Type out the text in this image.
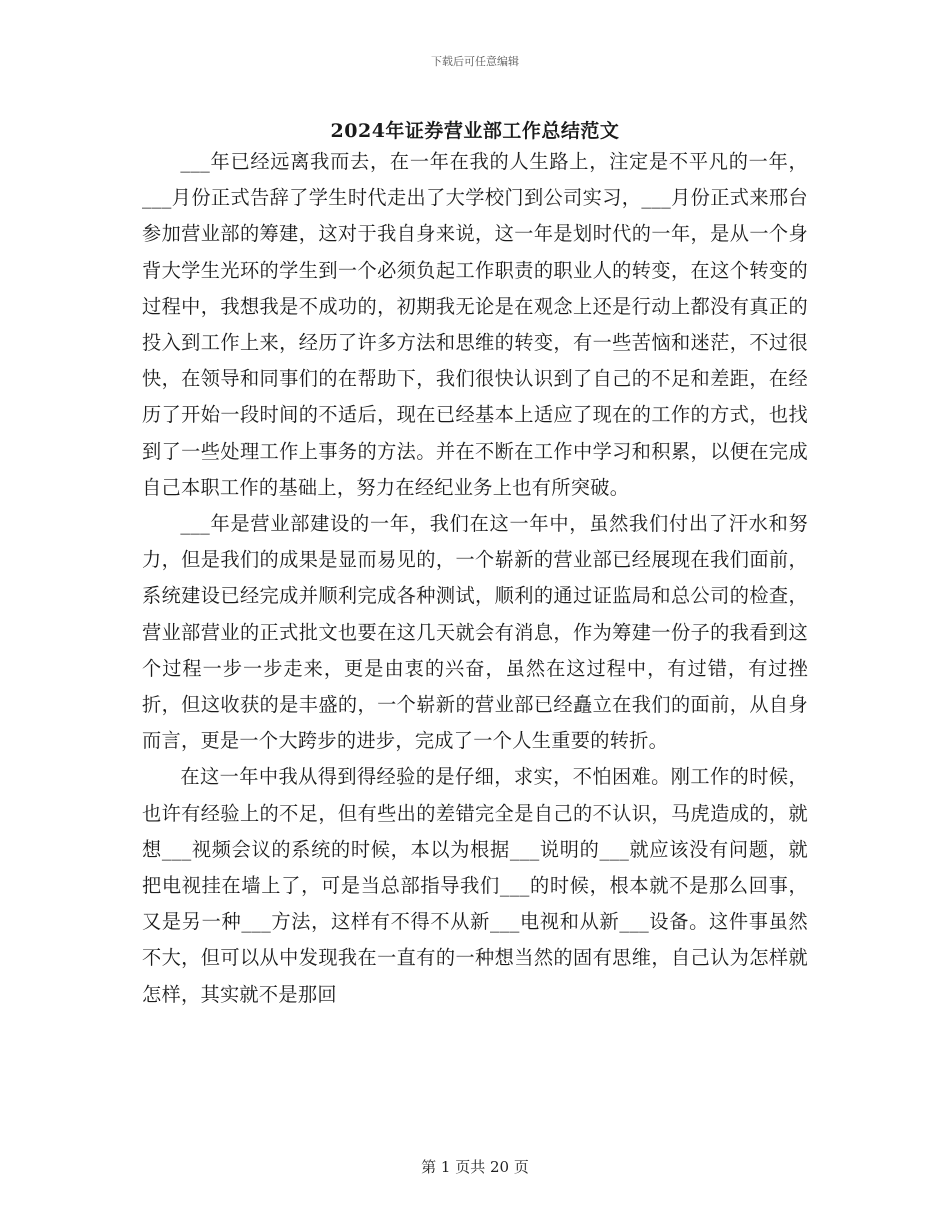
下载后可任意编辑
2024年证券营业部工作总结范文

___年已经远离我而去，在一年在我的人生路上，注定是不平凡的一年，___月份正式告辞了学生时代走出了大学校门到公司实习，___月份正式来邢台参加营业部的筹建，这对于我自身来说，这一年是划时代的一年，是从一个身背大学生光环的学生到一个必须负起工作职责的职业人的转变，在这个转变的过程中，我想我是不成功的，初期我无论是在观念上还是行动上都没有真正的投入到工作上来，经历了许多方法和思维的转变，有一些苦恼和迷茫，不过很快，在领导和同事们的在帮助下，我们很快认识到了自己的不足和差距，在经历了开始一段时间的不适后，现在已经基本上适应了现在的工作的方式，也找到了一些处理工作上事务的方法。并在不断在工作中学习和积累，以便在完成自己本职工作的基础上，努力在经纪业务上也有所突破。

___年是营业部建设的一年，我们在这一年中，虽然我们付出了汗水和努力，但是我们的成果是显而易见的，一个崭新的营业部已经展现在我们面前，系统建设已经完成并顺利完成各种测试，顺利的通过证监局和总公司的检查，营业部营业的正式批文也要在这几天就会有消息，作为筹建一份子的我看到这个过程一步一步走来，更是由衷的兴奋，虽然在这过程中，有过错，有过挫折，但这收获的是丰盛的，一个崭新的营业部已经矗立在我们的面前，从自身而言，更是一个大跨步的进步，完成了一个人生重要的转折。

在这一年中我从得到得经验的是仔细，求实，不怕困难。刚工作的时候，也许有经验上的不足，但有些出的差错完全是自己的不认识，马虎造成的，就想___视频会议的系统的时候，本以为根据___说明的___就应该没有问题，就把电视挂在墙上了，可是当总部指导我们___的时候，根本就不是那么回事，又是另一种___方法，这样有不得不从新___电视和从新___设备。这件事虽然不大，但可以从中发现我在一直有的一种想当然的固有思维，自己认为怎样就怎样，其实就不是那回

第 1 页共 20 页
